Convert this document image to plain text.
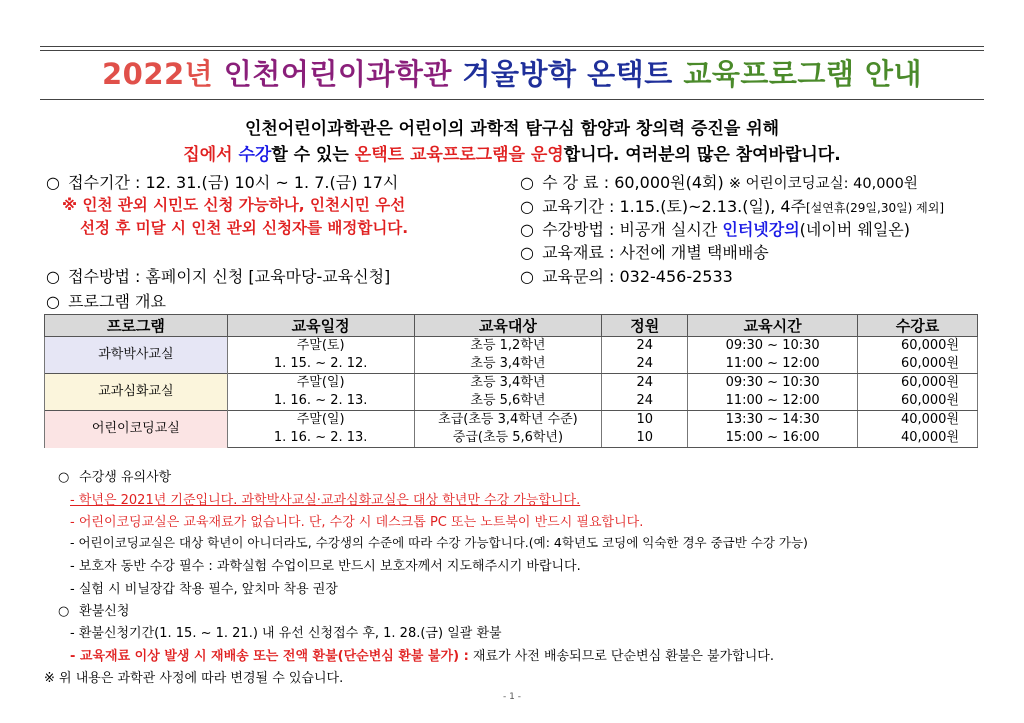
2022년 인천어린이과학관 겨울방학 온택트 교육프로그램 안내
인천어린이과학관은 어린이의 과학적 탐구심 함양과 창의력 증진을 위해
집에서 수강할 수 있는 온택트 교육프로그램을 운영합니다. 여러분의 많은 참여바랍니다.
○ 접수기간 : 12. 31.(금) 10시 ~ 1. 7.(금) 17시
※ 인천 관외 시민도 신청 가능하나, 인천시민 우선
선정 후 미달 시 인천 관외 신청자를 배정합니다.
○ 접수방법 : 홈페이지 신청 [교육마당-교육신청]
○ 프로그램 개요
○ 수 강 료 : 60,000원(4회) ※ 어린이코딩교실: 40,000원
○ 교육기간 : 1.15.(토)~2.13.(일), 4주[설연휴(29일,30일) 제외]
○ 수강방법 : 비공개 실시간 인터넷강의(네이버 웨일온)
○ 교육재료 : 사전에 개별 택배배송
○ 교육문의 : 032-456-2533
프로그램	교육일정	교육대상	정원	교육시간	수강료
과학박사교실	주말(토)	초등 1,2학년	24	09:30 ~ 10:30	60,000원
	1. 15. ~ 2. 12.	초등 3,4학년	24	11:00 ~ 12:00	60,000원
교과심화교실	주말(일)	초등 3,4학년	24	09:30 ~ 10:30	60,000원
	1. 16. ~ 2. 13.	초등 5,6학년	24	11:00 ~ 12:00	60,000원
어린이코딩교실	주말(일)	초급(초등 3,4학년 수준)	10	13:30 ~ 14:30	40,000원
	1. 16. ~ 2. 13.	중급(초등 5,6학년)	10	15:00 ~ 16:00	40,000원
○ 수강생 유의사항
- 학년은 2021년 기준입니다. 과학박사교실·교과심화교실은 대상 학년만 수강 가능합니다.
- 어린이코딩교실은 교육재료가 없습니다. 단, 수강 시 데스크톱 PC 또는 노트북이 반드시 필요합니다.
- 어린이코딩교실은 대상 학년이 아니더라도, 수강생의 수준에 따라 수강 가능합니다.(예: 4학년도 코딩에 익숙한 경우 중급반 수강 가능)
- 보호자 동반 수강 필수 : 과학실험 수업이므로 반드시 보호자께서 지도해주시기 바랍니다.
- 실험 시 비닐장갑 착용 필수, 앞치마 착용 권장
○ 환불신청
- 환불신청기간(1. 15. ~ 1. 21.) 내 유선 신청접수 후, 1. 28.(금) 일괄 환불
- 교육재료 이상 발생 시 재배송 또는 전액 환불(단순변심 환불 불가) : 재료가 사전 배송되므로 단순변심 환불은 불가합니다.
※ 위 내용은 과학관 사정에 따라 변경될 수 있습니다.
- 1 -
